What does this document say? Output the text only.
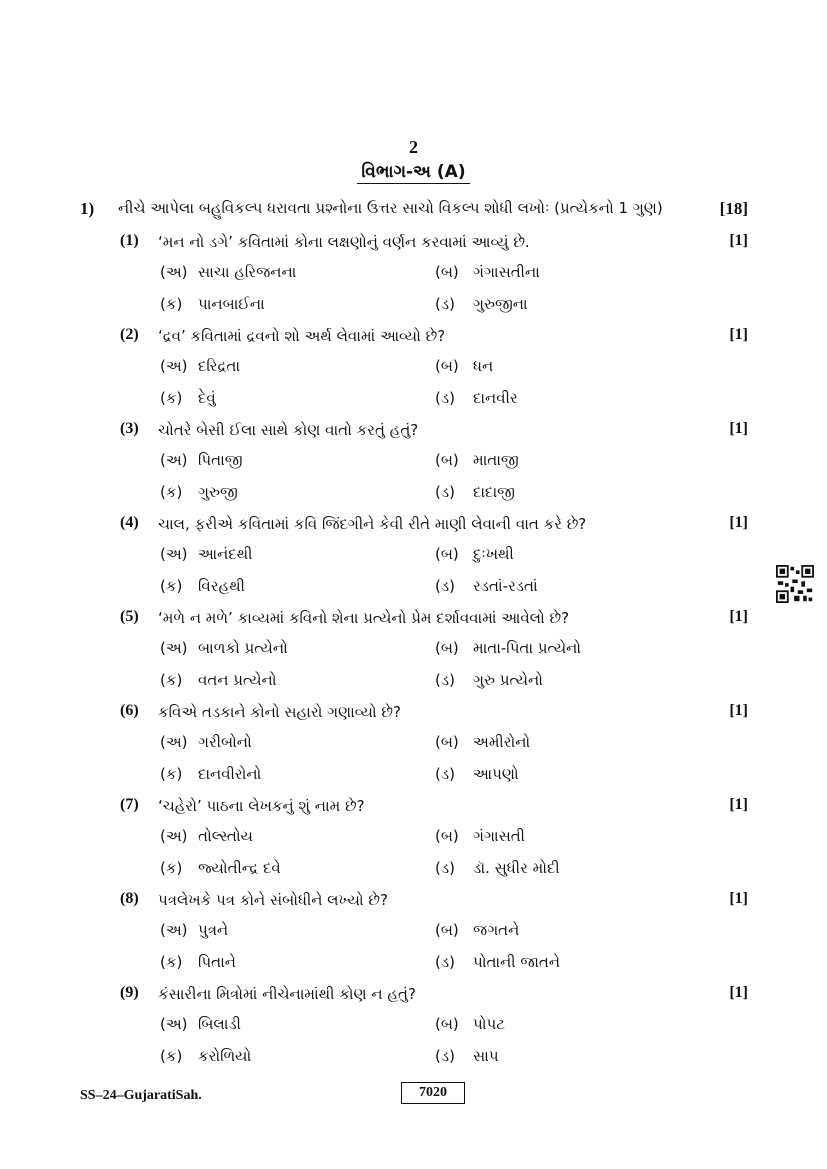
2
વિભાગ-અ (A)
1) નીચે આપેલા બહુવિકલ્પ ધરાવતા પ્રશ્નોના ઉત્તર સાચો વિકલ્પ શોધી લખોઃ (પ્રત્યેકનો 1 ગુણ)	[18]
(1) ‘મન નો ડગે’ કવિતામાં કોના લક્ષણોનું વર્ણન કરવામાં આવ્યું છે.	[1]
(અ) સાચા હરિજનના	(બ) ગંગાસતીના
(ક) પાનબાઈના	(ડ) ગુરુજીના
(2) ‘દ્રવ’ કવિતામાં દ્રવનો શો અર્થ લેવામાં આવ્યો છે?	[1]
(અ) દરિદ્રતા	(બ) ધન
(ક) દેવું	(ડ) દાનવીર
(3) ચોતરે બેસી ઈલા સાથે કોણ વાતો કરતું હતું?	[1]
(અ) પિતાજી	(બ) માતાજી
(ક) ગુરુજી	(ડ) દાદાજી
(4) ચાલ, ફરીએ કવિતામાં કવિ જિંદગીને કેવી રીતે માણી લેવાની વાત કરે છે?	[1]
(અ) આનંદથી	(બ) દુઃખથી
(ક) વિરહથી	(ડ) રડતાં-રડતાં
(5) ‘મળે ન મળે’ કાવ્યમાં કવિનો શેના પ્રત્યેનો પ્રેમ દર્શાવવામાં આવેલો છે?	[1]
(અ) બાળકો પ્રત્યેનો	(બ) માતા-પિતા પ્રત્યેનો
(ક) વતન પ્રત્યેનો	(ડ) ગુરુ પ્રત્યેનો
(6) કવિએ તડકાને કોનો સહારો ગણાવ્યો છે?	[1]
(અ) ગરીબોનો	(બ) અમીરોનો
(ક) દાનવીરોનો	(ડ) આપણો
(7) ‘ચહેરો’ પાઠના લેખકનું શું નામ છે?	[1]
(અ) તોલ્સ્તોય	(બ) ગંગાસતી
(ક) જ્યોતીન્દ્ર દવે	(ડ) ડૉ. સુધીર મોદી
(8) પત્રલેખકે પત્ર કોને સંબોધીને લખ્યો છે?	[1]
(અ) પુત્રને	(બ) જગતને
(ક) પિતાને	(ડ) પોતાની જાતને
(9) કંસારીના મિત્રોમાં નીચેનામાંથી કોણ ન હતું?	[1]
(અ) બિલાડી	(બ) પોપટ
(ક) કરોળિયો	(ડ) સાપ
SS–24–GujaratiSah.	7020
